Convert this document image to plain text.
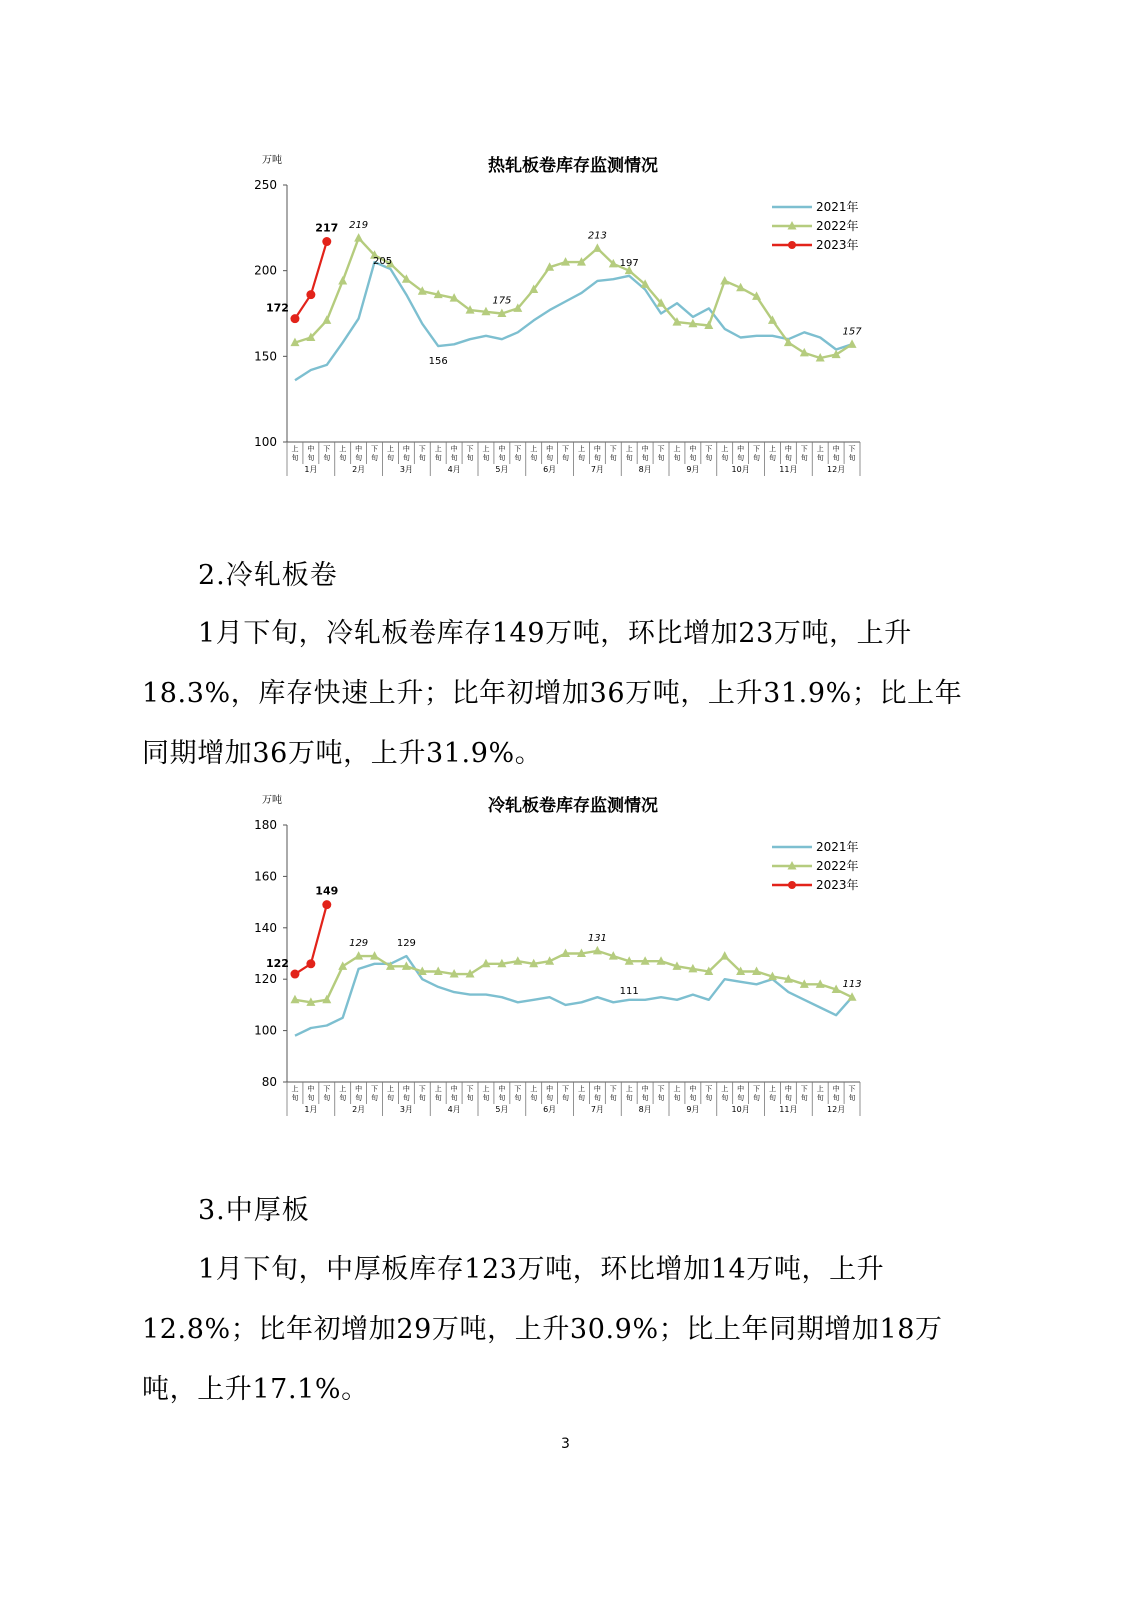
热轧板卷库存监测情况
万吨
100
150
200
250
上
旬
中
旬
下
旬
上
旬
中
旬
下
旬
上
旬
中
旬
下
旬
上
旬
中
旬
下
旬
上
旬
中
旬
下
旬
上
旬
中
旬
下
旬
上
旬
中
旬
下
旬
上
旬
中
旬
下
旬
上
旬
中
旬
下
旬
上
旬
中
旬
下
旬
上
旬
中
旬
下
旬
上
旬
中
旬
下
旬
1月	2月	3月	4月	5月	6月	7月	8月	9月	10月	11月	12月
2021年
2022年
2023年
205
156
197
219
175
213
157
172
217
2.冷轧板卷
1月下旬，冷轧板卷库存149万吨，环比增加23万吨，上升18.3%，库存快速上升；比年初增加36万吨，上升31.9%；比上年同期增加36万吨，上升31.9%。
冷轧板卷库存监测情况
万吨
80
100
120
140
160
180
上
旬
中
旬
下
旬
上
旬
中
旬
下
旬
上
旬
中
旬
下
旬
上
旬
中
旬
下
旬
上
旬
中
旬
下
旬
上
旬
中
旬
下
旬
上
旬
中
旬
下
旬
上
旬
中
旬
下
旬
上
旬
中
旬
下
旬
上
旬
中
旬
下
旬
上
旬
中
旬
下
旬
上
旬
中
旬
下
旬
1月	2月	3月	4月	5月	6月	7月	8月	9月	10月	11月	12月
2021年
2022年
2023年
129	129	131
111
113
122
149
3.中厚板
1月下旬，中厚板库存123万吨，环比增加14万吨，上升12.8%；比年初增加29万吨，上升30.9%；比上年同期增加18万吨，上升17.1%。
3
